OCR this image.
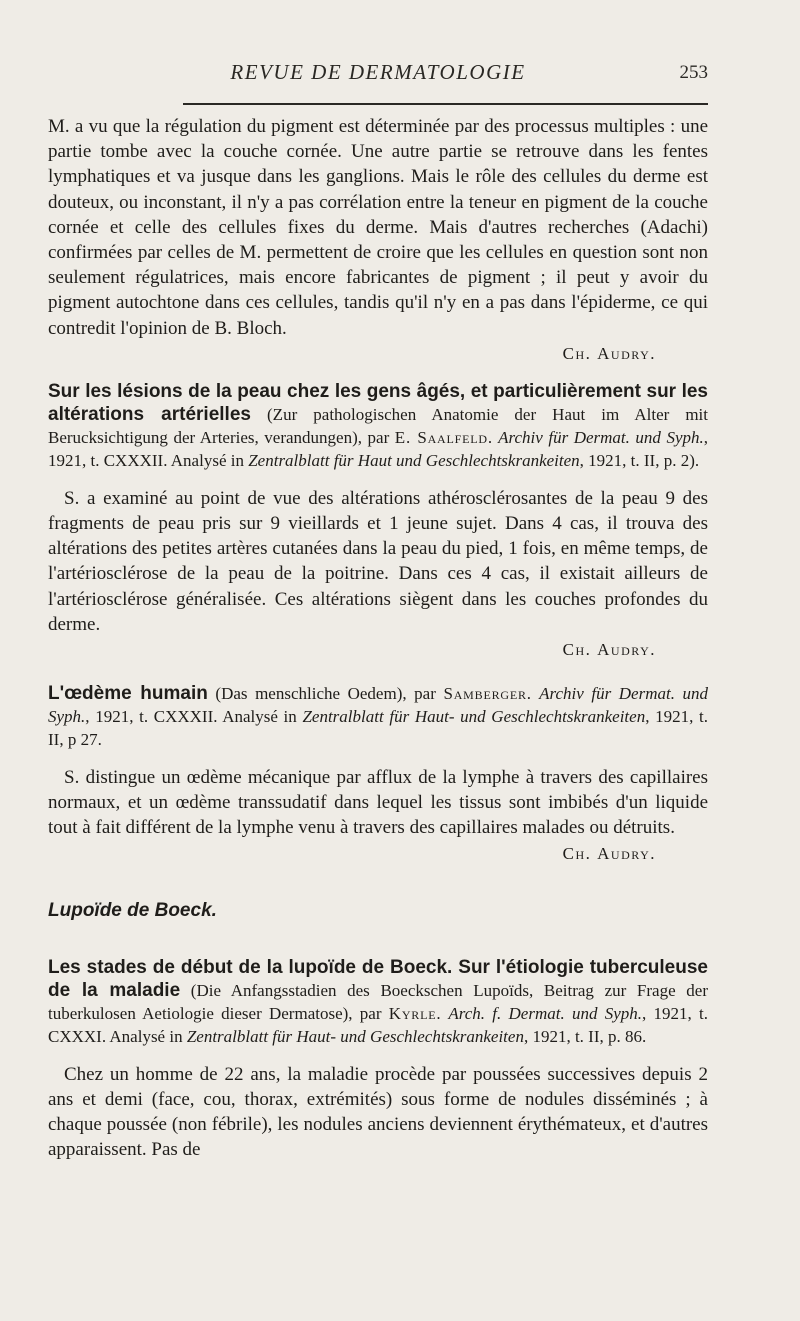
REVUE DE DERMATOLOGIE	253

M. a vu que la régulation du pigment est déterminée par des processus multiples : une partie tombe avec la couche cornée. Une autre partie se retrouve dans les fentes lymphatiques et va jusque dans les ganglions. Mais le rôle des cellules du derme est douteux, ou inconstant, il n'y a pas corrélation entre la teneur en pigment de la couche cornée et celle des cellules fixes du derme. Mais d'autres recherches (Adachi) confirmées par celles de M. permettent de croire que les cellules en question sont non seulement régulatrices, mais encore fabricantes de pigment ; il peut y avoir du pigment autochtone dans ces cellules, tandis qu'il n'y en a pas dans l'épiderme, ce qui contredit l'opinion de B. Bloch.

Ch. Audry.

Sur les lésions de la peau chez les gens âgés, et particulièrement sur les altérations artérielles (Zur pathologischen Anatomie der Haut im Alter mit Berucksichtigung der Arteries, verandungen), par E. Saalfeld. Archiv für Dermat. und Syph., 1921, t. CXXXII. Analysé in Zentralblatt für Haut und Geschlechtskrankeiten, 1921, t. II, p. 2).

S. a examiné au point de vue des altérations athérosclérosantes de la peau 9 des fragments de peau pris sur 9 vieillards et 1 jeune sujet. Dans 4 cas, il trouva des altérations des petites artères cutanées dans la peau du pied, 1 fois, en même temps, de l'artériosclérose de la peau de la poitrine. Dans ces 4 cas, il existait ailleurs de l'artériosclérose généralisée. Ces altérations siègent dans les couches profondes du derme.

Ch. Audry.

L'œdème humain (Das menschliche Oedem), par Samberger. Archiv für Dermat. und Syph., 1921, t. CXXXII. Analysé in Zentralblatt für Haut- und Geschlechtskrankeiten, 1921, t. II, p 27.

S. distingue un œdème mécanique par afflux de la lymphe à travers des capillaires normaux, et un œdème transsudatif dans lequel les tissus sont imbibés d'un liquide tout à fait différent de la lymphe venu à travers des capillaires malades ou détruits.

Ch. Audry.

Lupoïde de Boeck.

Les stades de début de la lupoïde de Boeck. Sur l'étiologie tuberculeuse de la maladie (Die Anfangsstadien des Boeckschen Lupoïds, Beitrag zur Frage der tuberkulosen Aetiologie dieser Dermatose), par Kyrle. Arch. f. Dermat. und Syph., 1921, t. CXXXI. Analysé in Zentralblatt für Haut- und Geschlechtskrankeiten, 1921, t. II, p. 86.

Chez un homme de 22 ans, la maladie procède par poussées successives depuis 2 ans et demi (face, cou, thorax, extrémités) sous forme de nodules disséminés ; à chaque poussée (non fébrile), les nodules anciens deviennent érythémateux, et d'autres apparaissent. Pas de
